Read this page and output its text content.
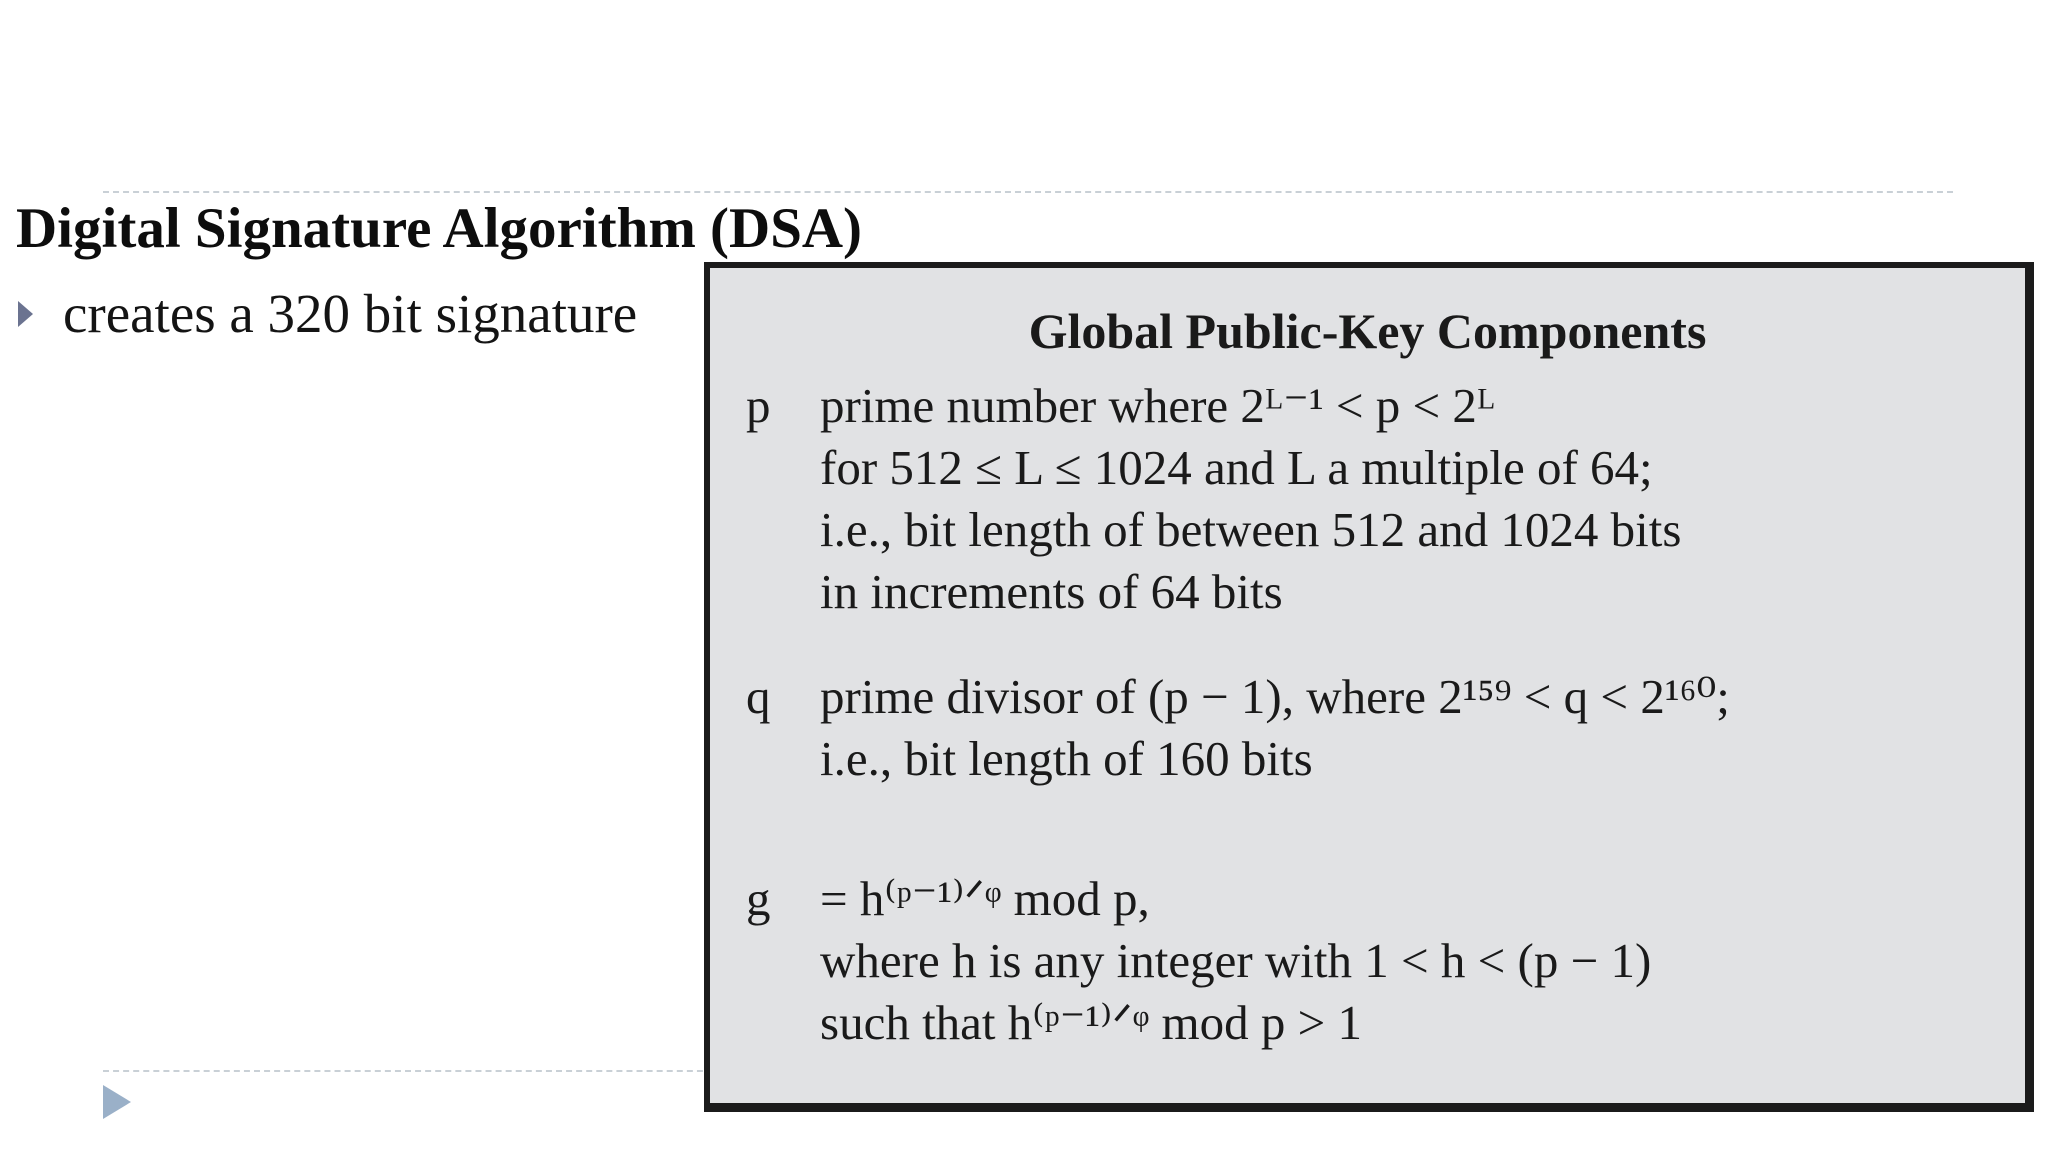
Digital Signature Algorithm (DSA)
creates a 320 bit signature	Global Public-Key Components
p	prime number where 2ᴸ⁻¹ < p < 2ᴸ
for 512 ≤ L ≤ 1024 and L a multiple of 64;
i.e., bit length of between 512 and 1024 bits
in increments of 64 bits
q	prime divisor of (p − 1), where 2¹⁵⁹ < q < 2¹⁶⁰;
i.e., bit length of 160 bits
g	= h⁽ᵖ⁻¹⁾ᐟᵠ mod p,
where h is any integer with 1 < h < (p − 1)
such that h⁽ᵖ⁻¹⁾ᐟᵠ mod p > 1
